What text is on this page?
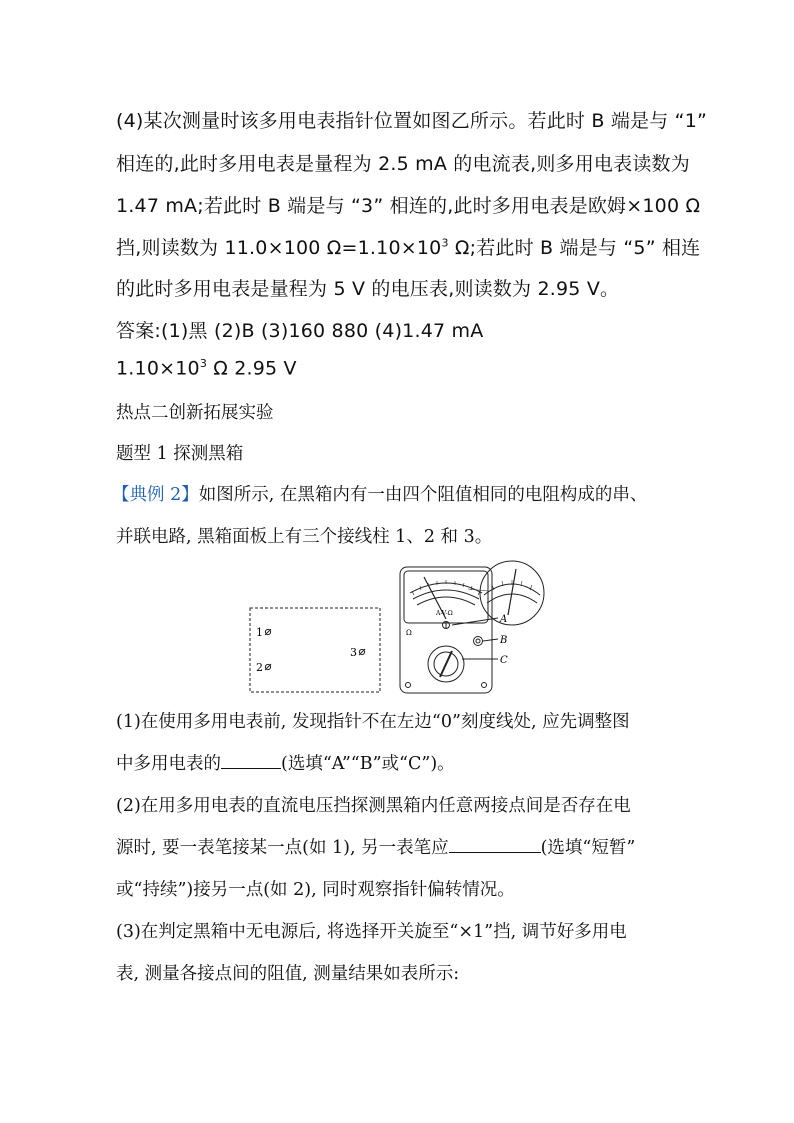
(4)某次测量时该多用电表指针位置如图乙所示。若此时 B 端是与 “1”
相连的,此时多用电表是量程为 2.5 mA 的电流表,则多用电表读数为
1.47 mA;若此时 B 端是与 “3” 相连的,此时多用电表是欧姆×100 Ω
挡,则读数为 11.0×100 $\Omega=1.10\times 10^3$ Ω;若此时 B 端是与 “5” 相连
的此时多用电表是量程为 5 V 的电压表,则读数为 2.95 V。
答案:(1)黑 (2)B (3)160 880 (4)1.47 mA
$1.10\times 10^3$ Ω 2.95 V
热点二创新拓展实验
题型 1 探测黑箱
【典例 2】如图所示, 在黑箱内有一由四个阻值相同的电阻构成的串、
并联电路, 黑箱面板上有三个接线柱 1、2 和 3。
1
2
3
A-V-Ω
Ω
A
B
C
(1)在使用多用电表前, 发现指针不在左边“0”刻度线处, 应先调整图
中多用电表的	(选填“A”“B”或“C”)。
(2)在用多用电表的直流电压挡探测黑箱内任意两接点间是否存在电
源时, 要一表笔接某一点(如 1), 另一表笔应	(选填“短暂”
或“持续”)接另一点(如 2), 同时观察指针偏转情况。
(3)在判定黑箱中无电源后, 将选择开关旋至“×1”挡, 调节好多用电
表, 测量各接点间的阻值, 测量结果如表所示:
